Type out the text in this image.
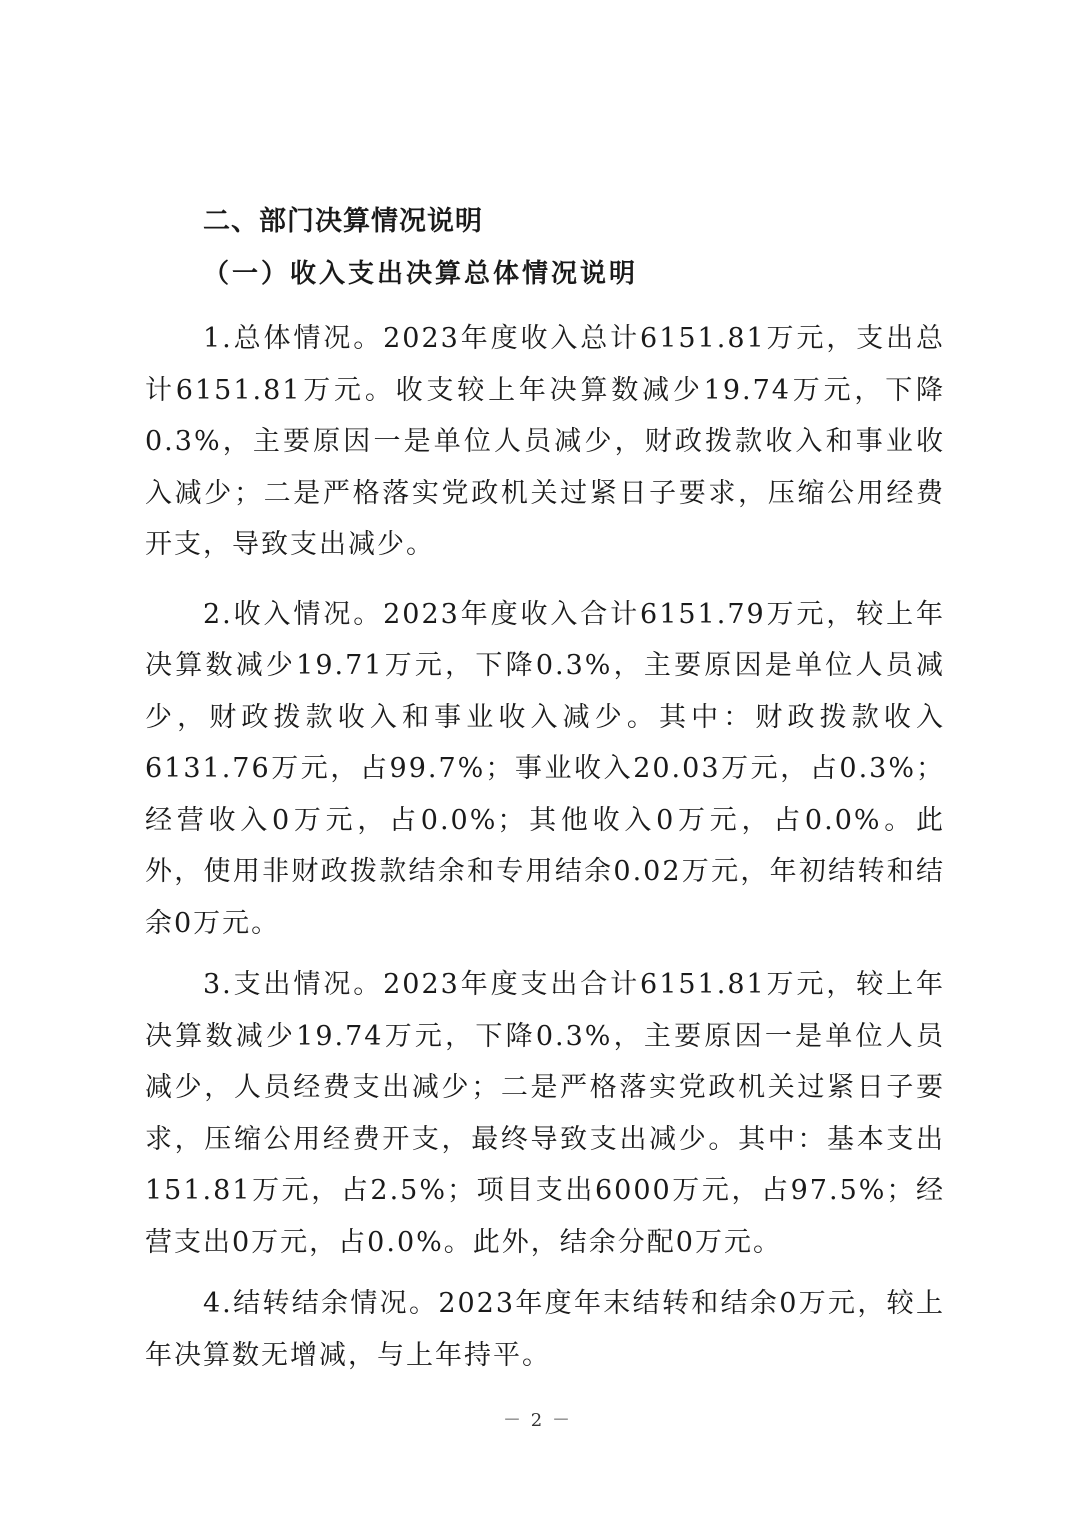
二、部门决算情况说明
（一）收入支出决算总体情况说明

1.总体情况。2023年度收入总计6151.81万元，支出总计6151.81万元。收支较上年决算数减少19.74万元，下降0.3%，主要原因一是单位人员减少，财政拨款收入和事业收入减少；二是严格落实党政机关过紧日子要求，压缩公用经费开支，导致支出减少。

2.收入情况。2023年度收入合计6151.79万元，较上年决算数减少19.71万元，下降0.3%，主要原因是单位人员减少，财政拨款收入和事业收入减少。其中：财政拨款收入6131.76万元，占99.7%；事业收入20.03万元，占0.3%；经营收入0万元，占0.0%；其他收入0万元，占0.0%。此外，使用非财政拨款结余和专用结余0.02万元，年初结转和结余0万元。

3.支出情况。2023年度支出合计6151.81万元，较上年决算数减少19.74万元，下降0.3%，主要原因一是单位人员减少，人员经费支出减少；二是严格落实党政机关过紧日子要求，压缩公用经费开支，最终导致支出减少。其中：基本支出151.81万元，占2.5%；项目支出6000万元，占97.5%；经营支出0万元，占0.0%。此外，结余分配0万元。

4.结转结余情况。2023年度年末结转和结余0万元，较上年决算数无增减，与上年持平。

－ 2 －
